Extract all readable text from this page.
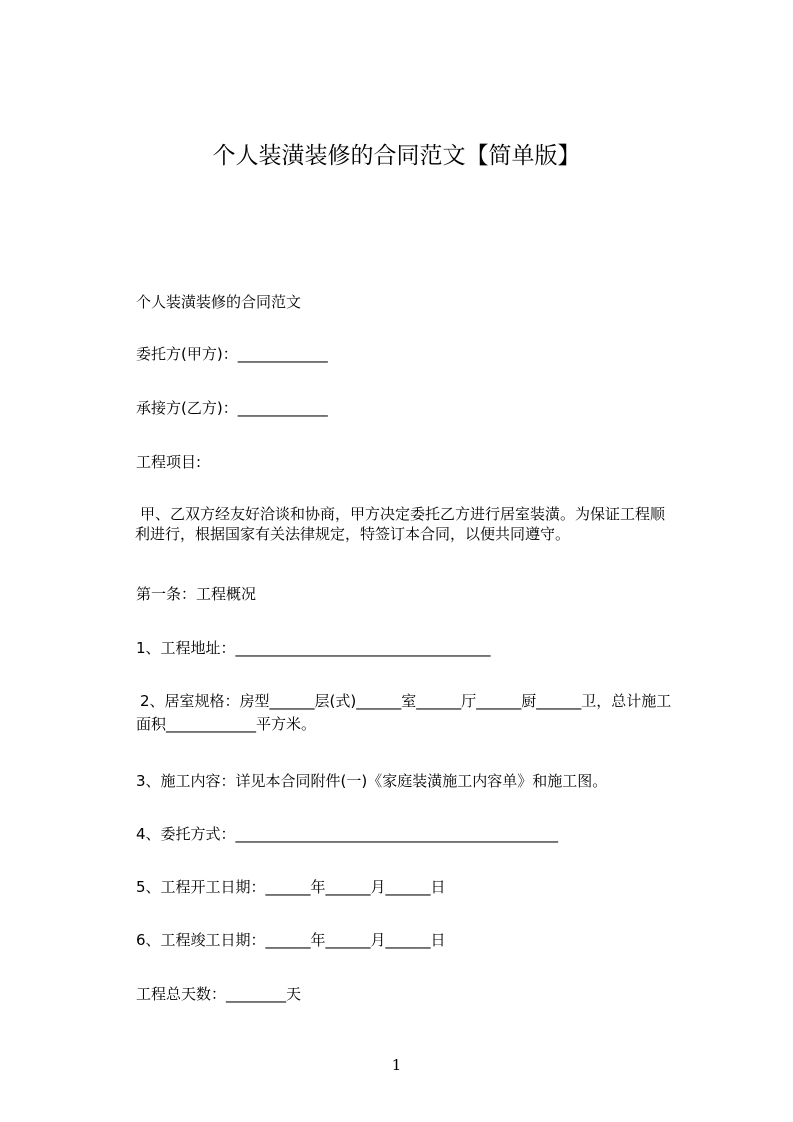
个人装潢装修的合同范文【简单版】
个人装潢装修的合同范文
委托方(甲方)：____________
承接方(乙方)：____________
工程项目:
甲、乙双方经友好洽谈和协商，甲方决定委托乙方进行居室装潢。为保证工程顺
利进行，根据国家有关法律规定，特签订本合同，以便共同遵守。
第一条：工程概况
1、工程地址：__________________________________
2、居室规格：房型______层(式)______室______厅______厨______卫，总计施工
面积____________平方米。
3、施工内容：详见本合同附件(一)《家庭装潢施工内容单》和施工图。
4、委托方式：___________________________________________
5、工程开工日期：______年______月______日
6、工程竣工日期：______年______月______日
工程总天数：________天
1
